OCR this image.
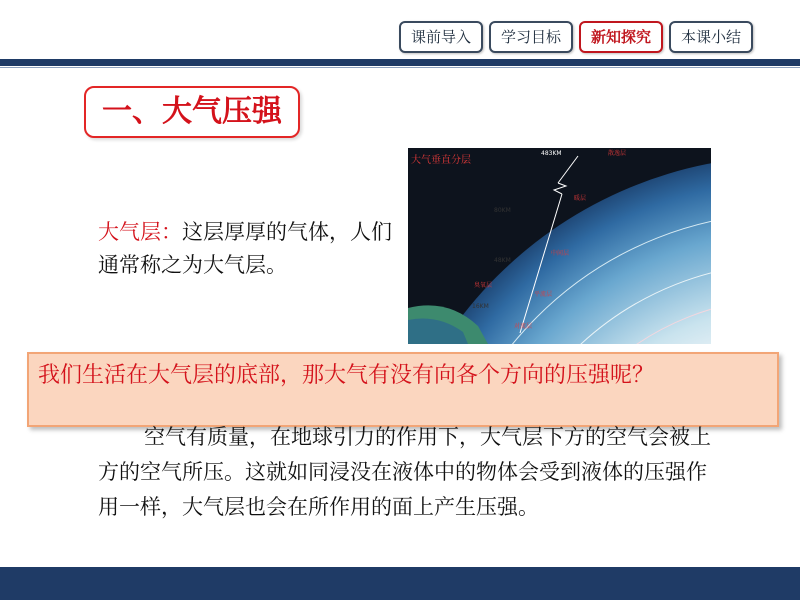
课前导入	学习目标	新知探究	本课小结
一、大气压强
大气层：这层厚厚的气体，人们通常称之为大气层。
大气垂直分层
483KM
80KM
48KM
16KM
散逸层
暖层
中间层
臭氧层
平流层
对流层
我们生活在大气层的底部，那大气有没有向各个方向的压强呢？
空气有质量，在地球引力的作用下，大气层下方的空气会被上方的空气所压。这就如同浸没在液体中的物体会受到液体的压强作用一样，大气层也会在所作用的面上产生压强。
